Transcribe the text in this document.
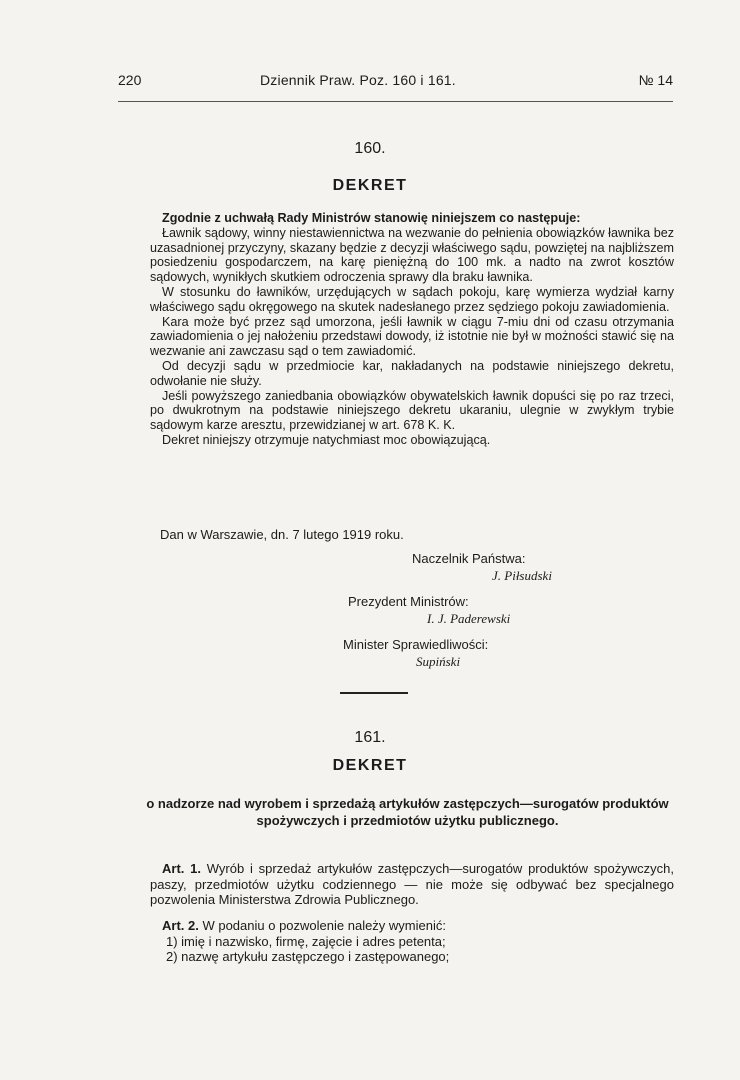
220	Dziennik Praw. Poz. 160 i 161.	№ 14
160.
DEKRET

Zgodnie z uchwałą Rady Ministrów stanowię niniejszem co następuje:

Ławnik sądowy, winny niestawiennictwa na wezwanie do pełnienia obowiązków ławnika bez uzasadnionej przyczyny, skazany będzie z decyzji właściwego sądu, powziętej na najbliższem posiedzeniu gospodarczem, na karę pieniężną do 100 mk. a nadto na zwrot kosztów sądowych, wynikłych skutkiem odroczenia sprawy dla braku ławnika.

W stosunku do ławników, urzędujących w sądach pokoju, karę wymierza wydział karny właściwego sądu okręgowego na skutek nadesłanego przez sędziego pokoju zawiadomienia.

Kara może być przez sąd umorzona, jeśli ławnik w ciągu 7-miu dni od czasu otrzymania zawiadomienia o jej nałożeniu przedstawi dowody, iż istotnie nie był w możności stawić się na wezwanie ani zawczasu sąd o tem zawiadomić.

Od decyzji sądu w przedmiocie kar, nakładanych na podstawie niniejszego dekretu, odwołanie nie służy.

Jeśli powyższego zaniedbania obowiązków obywatelskich ławnik dopuści się po raz trzeci, po dwukrotnym na podstawie niniejszego dekretu ukaraniu, ulegnie w zwykłym trybie sądowym karze aresztu, przewidzianej w art. 678 K. K.

Dekret niniejszy otrzymuje natychmiast moc obowiązującą.

Dan w Warszawie, dn. 7 lutego 1919 roku.
Naczelnik Państwa:
J. Piłsudski
Prezydent Ministrów:
I. J. Paderewski
Minister Sprawiedliwości:
Supiński
161.
DEKRET
o nadzorze nad wyrobem i sprzedażą artykułów zastępczych—surogatów produktów spożywczych i przedmiotów użytku publicznego.

Art. 1. Wyrób i sprzedaż artykułów zastępczych—surogatów produktów spożywczych, paszy, przedmiotów użytku codziennego — nie może się odbywać bez specjalnego pozwolenia Ministerstwa Zdrowia Publicznego.

Art. 2. W podaniu o pozwolenie należy wymienić:

1) imię i nazwisko, firmę, zajęcie i adres petenta;

2) nazwę artykułu zastępczego i zastępowanego;
